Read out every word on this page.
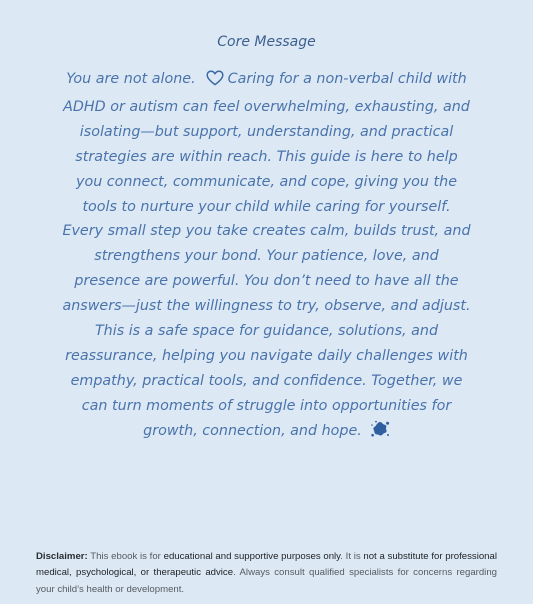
Core Message

You are not alone. Caring for a non-verbal child with ADHD or autism can feel overwhelming, exhausting, and isolating—but support, understanding, and practical strategies are within reach. This guide is here to help you connect, communicate, and cope, giving you the tools to nurture your child while caring for yourself. Every small step you take creates calm, builds trust, and strengthens your bond. Your patience, love, and presence are powerful. You don’t need to have all the answers—just the willingness to try, observe, and adjust. This is a safe space for guidance, solutions, and reassurance, helping you navigate daily challenges with empathy, practical tools, and confidence. Together, we can turn moments of struggle into opportunities for growth, connection, and hope.

Disclaimer: This ebook is for educational and supportive purposes only. It is not a substitute for professional medical, psychological, or therapeutic advice. Always consult qualified specialists for concerns regarding your child’s health or development.
